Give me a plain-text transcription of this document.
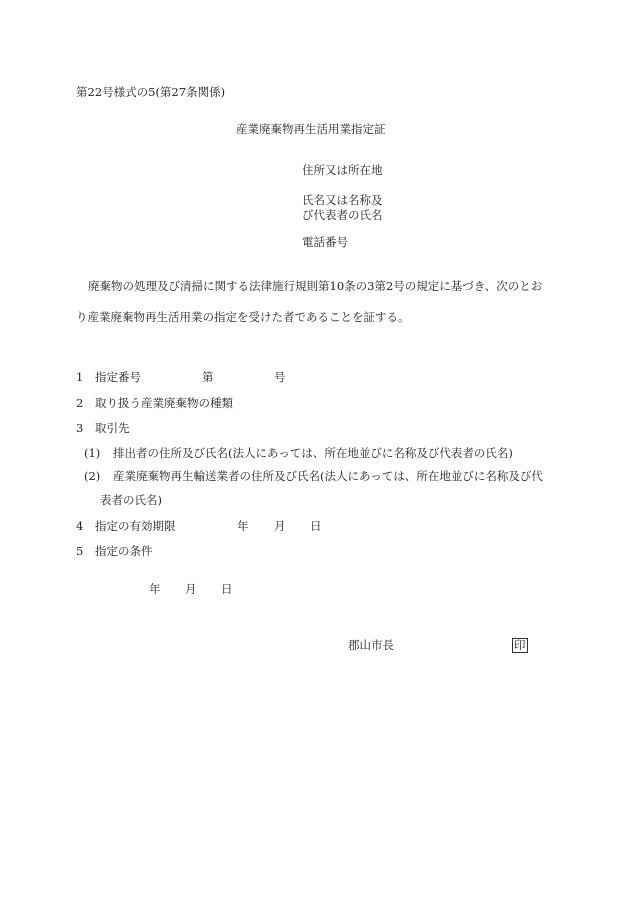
第22号様式の5(第27条関係)
産業廃棄物再生活用業指定証
住所又は所在地
氏名又は名称及
び代表者の氏名
電話番号
廃棄物の処理及び清掃に関する法律施行規則第10条の3第2号の規定に基づき、次のとお
り産業廃棄物再生活用業の指定を受けた者であることを証する。
1 指定番号	第	号
2 取り扱う産業廃棄物の種類
3 取引先
(1) 排出者の住所及び氏名(法人にあっては、所在地並びに名称及び代表者の氏名)
(2) 産業廃棄物再生輸送業者の住所及び氏名(法人にあっては、所在地並びに名称及び代
表者の氏名)
4 指定の有効期限	年 月 日
5 指定の条件
年 月 日
郡山市長	印
